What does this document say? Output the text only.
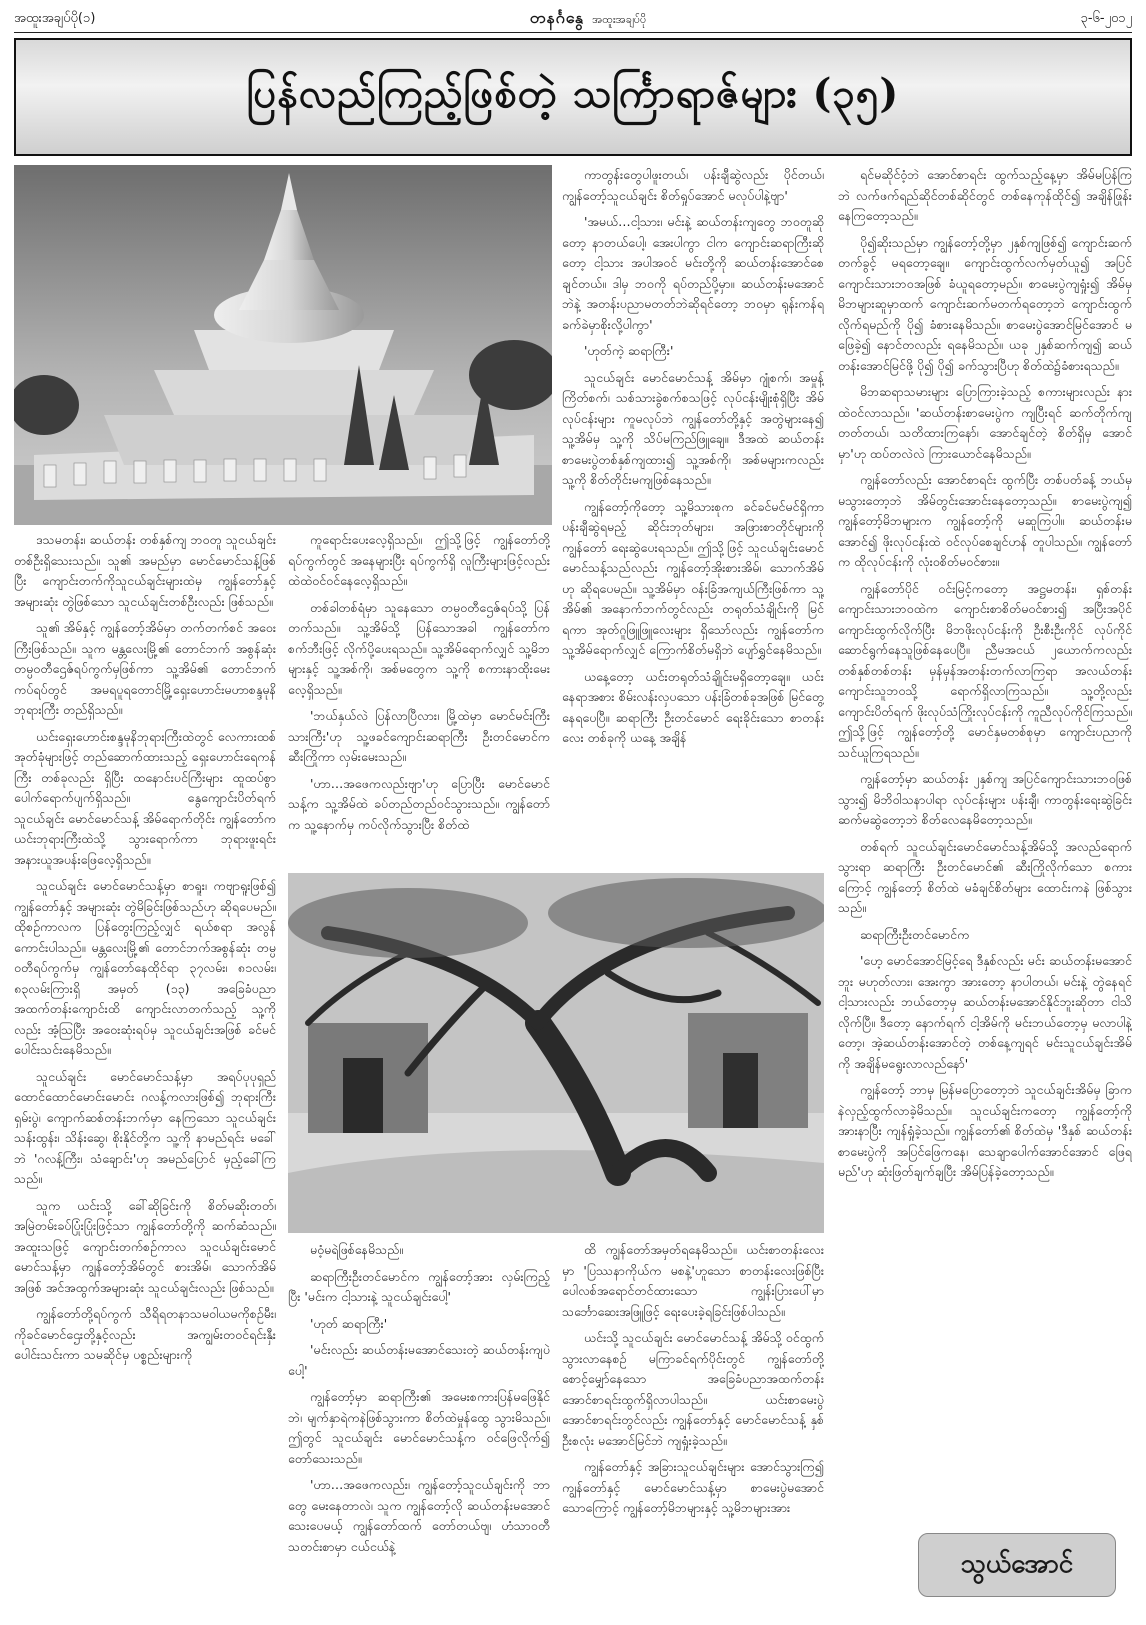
အထူးအချပ်ပို(၁)	တနင်္ဂနွေ အထူးအချပ်ပို	၃-၆-၂၀၁၂
ပြန်လည်ကြည့်ဖြစ်တဲ့ သင်္ကြာရာဇ်များ (၃၅)

ဒသမတန်း၊ ဆယ်တန်း တစ်နှစ်ကျ ဘဝတူ သူငယ်ချင်းတစ်ဦးရှိသေးသည်။ သူ၏ အမည်မှာ မောင်မောင်သန့်ဖြစ်ပြီး ကျောင်းတက်ကိုသူငယ်ချင်းများထဲမှ ကျွန်တော်နှင့် အများဆုံး တွဲဖြစ်သော သူငယ်ချင်းတစ်ဦးလည်း ဖြစ်သည်။

သူ၏ အိမ်နှင့် ကျွန်တော့်အိမ်မှာ တက်တက်စင် အဝေးကြီးဖြစ်သည်။ သူက မန္တလေးမြို့၏ တောင်ဘက် အစွန်ဆုံး တမ္ပဝတီဌေဇ်ရပ်ကွက်မှဖြစ်ကာ သူ့အိမ်၏ တောင်ဘက်ကပ်ရပ်တွင် အမရပူရတောင်မြို့ရှေးဟောင်းမဟာစန္ဒမုနိဘုရားကြီး တည်ရှိသည်။

ယင်းရှေးဟောင်းစန္ဒမုနိဘုရားကြီးထဲတွင် လေကားထစ်အုတ်ခုံများဖြင့် တည်ဆောက်ထားသည့် ရှေးဟောင်းရေကန်ကြီး တစ်ခုလည်း ရှိပြီး ထနောင်းပင်ကြီးများ ထူထပ်စွာပေါက်ရောက်ပျက်ရှိသည်။ နွေကျောင်းပိတ်ရက် သူငယ်ချင်း မောင်မောင်သန့် အိမ်ရောက်တိုင်း ကျွန်တော်က ယင်းဘုရားကြီးထဲသို့ သွားရောက်ကာ ဘုရားဖူးရင်း အနားယူအပန်းဖြေလေ့ရှိသည်။

သူငယ်ချင်း မောင်မောင်သန့်မှာ စာရူး၊ ကဗျာရူးဖြစ်၍ ကျွန်တော်နှင့် အများဆုံး တွဲမိခြင်းဖြစ်သည်ဟု ဆိုရပေမည်။ ထိုစဉ်ကာလက ပြန်တွေးကြည့်လျှင် ရယ်စရာ အလွန်ကောင်းပါသည်။ မန္တလေးမြို့၏ တောင်ဘက်အစွန်ဆုံး တမ္ပဝတီရပ်ကွက်မှ ကျွန်တော်နေထိုင်ရာ ၃၇လမ်း၊ ၈၁လမ်း၊ ၈၃လမ်းကြားရှိ အမှတ် (၁၃) အခြေခံပညာအထက်တန်းကျောင်းထိ ကျောင်းလာတက်သည့် သူ့ကိုလည်း အံ့သြပြီး အဝေးဆုံးရပ်မှ သူငယ်ချင်းအဖြစ် ခင်မင်ပေါင်းသင်းနေမိသည်။

သူငယ်ချင်း မောင်မောင်သန့်မှာ အရပ်ပုပုရှည်ထောင်ထောင်မောင်းမောင်း ဂလန့်ကလားဖြစ်၍ ဘုရားကြီးရှမ်းပွဲ၊ ကျောက်ဆစ်တန်းဘက်မှာ နေကြသော သူငယ်ချင်း သန်းထွန်း၊ သိန်းဆွေ၊ စိုးနိုင်တို့က သူ့ကို နာမည်ရင်း မခေါ်ဘဲ 'ဂလန့်ကြီး၊ သံချောင်း'ဟု အမည်ပြောင် မှည့်ခေါ်ကြသည်။

သူက ယင်းသို့ ခေါ်ဆိုခြင်းကို စိတ်မဆိုးတတ်၊ အမြဲတမ်းခပ်ပြုံးပြုံးဖြင့်သာ ကျွန်တော်တို့ကို ဆက်ဆံသည်။ အထူးသဖြင့် ကျောင်းတက်စဉ်ကာလ သူငယ်ချင်းမောင်မောင်သန့်မှာ ကျွန်တော့်အိမ်တွင် စားအိမ်၊ သောက်အိမ်အဖြစ် အင်အထွက်အများဆုံး သူငယ်ချင်းလည်း ဖြစ်သည်။

ကျွန်တော်တို့ရပ်ကွက် သီရိရတနာသမဝါယမကိုစဉ်မီး၊ ကိုခင်မောင်ဌေးတို့နှင့်လည်း အကျွမ်းတဝင်ရင်းနှီးပေါင်းသင်းကာ သမဆိုင်မှ ပစ္စည်းများကို

ကူရောင်းပေးလေ့ရှိသည်။ ဤသို့ဖြင့် ကျွန်တော်တို့ ရပ်ကွက်တွင် အနေများပြီး ရပ်ကွက်ရှိ လူကြီးများဖြင့်လည်း ထဲထဲဝင်ဝင်နေလေ့ရှိသည်။

တစ်ခါတစ်ရံမှာ သူနေသော တမ္ပဝတီဌေဇ်ရပ်သို့ ပြန်တက်သည်။ သူ့အိမ်သို့ ပြန်သောအခါ ကျွန်တော်က စက်ဘီးဖြင့် လိုက်ပို့ပေးရသည်။ သူ့အိမ်ရောက်လျှင် သူ့မိဘများနှင့် သူ့အစ်ကို၊ အစ်မတွေက သူ့ကို စကားနာထိုးမေးလေ့ရှိသည်။

'ဘယ်နှယ်လဲ ပြန်လာပြီလား၊ မြို့ထဲမှာ မောင်မင်းကြီးသားကြီး'ဟု သူ့ဖခင်ကျောင်းဆရာကြီး ဦးတင်မောင်က ဆီးကြိုကာ လှမ်းမေးသည်။

'ဟာ…အဖေကလည်းဗျာ'ဟု ပြောပြီး မောင်မောင်သန့်က သူ့အိမ်ထဲ ခပ်တည်တည်ဝင်သွားသည်။ ကျွန်တော်က သူ့နောက်မှ ကပ်လိုက်သွားပြီး စိတ်ထဲ

မဝံ့မရဲဖြစ်နေမိသည်။

ဆရာကြီးဦးတင်မောင်က ကျွန်တော့်အား လှမ်းကြည့်ပြီး 'မင်းက ငါ့သားနဲ့ သူငယ်ချင်းပေါ့'

'ဟုတ် ဆရာကြီး'

'မင်းလည်း ဆယ်တန်းမအောင်သေးတဲ့ ဆယ်တန်းကျပဲပေါ့'

ကျွန်တော့်မှာ ဆရာကြီး၏ အမေးစကားပြန်မဖြေနိုင်ဘဲ၊ မျက်နှာရဲကနဲဖြစ်သွားကာ စိတ်ထဲမှုန်ထွေ သွားမိသည်။ ဤတွင် သူငယ်ချင်း မောင်မောင်သန့်က ဝင်ဖြေလိုက်၍ တော်သေးသည်။

'ဟာ…အဖေကလည်း၊ ကျွန်တော့်သူငယ်ချင်းကို ဘာတွေ မေးနေတာလဲ၊ သူက ကျွန်တော့်လို ဆယ်တန်းမအောင်သေးပေမယ့် ကျွန်တော်ထက် တော်တယ်ဗျ၊ ဟံသာဝတီသတင်းစာမှာ ငယ်ငယ်နဲ့

ကာတွန်းတွေပါဖူးတယ်၊ ပန်းချီဆွဲလည်း ပိုင်တယ်၊ ကျွန်တော့်သူငယ်ချင်း စိတ်ရှုပ်အောင် မလုပ်ပါနဲ့ဗျာ'

'အမယ်…ငါ့သား၊ မင်းနဲ့ ဆယ်တန်းကျတွေ ဘဝတူဆိုတော့ နာတယ်ပေါ့၊ အေးပါကွာ ငါက ကျောင်းဆရာကြီးဆိုတော့ ငါ့သား အပါအဝင် မင်းတို့ကို ဆယ်တန်းအောင်စေချင်တယ်။ ဒါမှ ဘဝကို ရပ်တည်ပို့မှာ။ ဆယ်တန်းမအောင်ဘဲနဲ့ အတန်းပညာမတတ်ဘဲဆိုရင်တော့ ဘဝမှာ ရုန်းကန်ရခက်ခဲမှာစိုးလို့ပါကွာ'

'ဟုတ်ကဲ့ ဆရာကြီး'

သူငယ်ချင်း မောင်မောင်သန့် အိမ်မှာ ဂျုံစက်၊ အမှုန့်ကြိတ်စက်၊ သစ်သားခွဲစက်စသဖြင့် လုပ်ငန်းမျိုးစုံရှိပြီး အိမ်လုပ်ငန်းများ ကူမလုပ်ဘဲ ကျွန်တော်တို့နှင့် အတွဲများနေ၍ သူ့အိမ်မှ သူ့ကို သိပ်မကြည်ဖြူချေ။ ဒီအထဲ ဆယ်တန်းစာမေးပွဲတစ်နှစ်ကျထား၍ သူ့အစ်ကို၊ အစ်မများကလည်း သူ့ကို စိတ်တိုင်းမကျဖြစ်နေသည်။

ကျွန်တော့်ကိုတော့ သူ့မိသားစုက ခင်ခင်မင်မင်ရှိကာ ပန်းချီဆွဲရမည့် ဆိုင်းဘုတ်များ၊ အဖြားစာတိုင်များကို ကျွန်တော် ရေးဆွဲပေးရသည်။ ဤသို့ဖြင့် သူငယ်ချင်းမောင်မောင်သန့်သည်လည်း ကျွန်တော့်အိုးစားအိမ်၊ သောက်အိမ်ဟု ဆိုရပေမည်။ သူ့အိမ်မှာ ဝန်းခြံအကျယ်ကြီးဖြစ်ကာ သူ့အိမ်၏ အနောက်ဘက်တွင်လည်း တရုတ်သံချိုင်းကို မြင်ရကာ အုတ်ဂူဖြူဖြူလေးများ ရှိသော်လည်း ကျွန်တော်က သူ့အိမ်ရောက်လျှင် ကြောက်စိတ်မရှိဘဲ ပျော်ရွှင်နေမိသည်။

ယနေ့တော့ ယင်းတရုတ်သံချိုင်းမရှိတော့ချေ။ ယင်းနေရာအစား စိမ်းလန်းလှပသော ပန်းခြံတစ်ခုအဖြစ် မြင်တွေ့နေရပေပြီ။ ဆရာကြီး ဦးတင်မောင် ရေးခိုင်းသော စာတန်းလေး တစ်ခုကို ယနေ့ အချိန်

ထိ ကျွန်တော်အမှတ်ရနေမိသည်။ ယင်းစာတန်းလေးမှာ 'ပြဿနာကိုယ်က မစနဲ့'ဟူသော စာတန်းလေးဖြစ်ပြီး ပေါလစ်အရောင်တင်ထားသော ကျွန်းပြားပေါ်မှာ သင်္ဘောဆေးအဖြူဖြင့် ရေးပေးခဲ့ရခြင်းဖြစ်ပါသည်။

ယင်းသို့ သူငယ်ချင်း မောင်မောင်သန့် အိမ်သို့ ဝင်ထွက်သွားလာနေစဉ် မကြာခင်ရက်ပိုင်းတွင် ကျွန်တော်တို့ စောင့်မျှော်နေသော အခြေခံပညာအထက်တန်းအောင်စာရင်းထွက်ရှိလာပါသည်။ ယင်းစာမေးပွဲအောင်စာရင်းတွင်လည်း ကျွန်တော်နှင့် မောင်မောင်သန့် နှစ်ဦးစလုံး မအောင်မြင်ဘဲ ကျရှုံးခဲ့သည်။

ကျွန်တော်နှင့် အခြားသူငယ်ချင်းများ အောင်သွားကြ၍ ကျွန်တော်နှင့် မောင်မောင်သန့်မှာ စာမေးပွဲမအောင်သောကြောင့် ကျွန်တော့်မိဘများနှင့် သူ့မိဘများအား

ရင်မဆိုင်ဝံ့ဘဲ အောင်စာရင်း ထွက်သည့်နေ့မှာ အိမ်မပြန်ကြဘဲ လက်ဖက်ရည်ဆိုင်တစ်ဆိုင်တွင် တစ်နေကုန်ထိုင်၍ အချိန်ဖြုန်းနေကြတော့သည်။

ပို၍ဆိုးသည်မှာ ကျွန်တော့်တို့မှာ ၂နှစ်ကျဖြစ်၍ ကျောင်းဆက်တက်ခွင့် မရတော့ချေ။ ကျောင်းထွက်လက်မှတ်ယူ၍ အပြင်ကျောင်းသားဘဝအဖြစ် ခံယူရတော့မည်။ စာမေးပွဲကျရှုံး၍ အိမ်မှ မိဘများဆူမှာထက် ကျောင်းဆက်မတက်ရတော့ဘဲ ကျောင်းထွက်လိုက်ရမည်ကို ပို၍ ခံစားနေမိသည်။ စာမေးပွဲအောင်မြင်အောင် မဖြေခဲ့၍ နောင်တလည်း ရနေမိသည်။ ယခု ၂နှစ်ဆက်ကျ၍ ဆယ်တန်းအောင်မြင်ဖို့ ပို၍ ပို၍ ခက်သွားပြီဟု စိတ်ထဲ၌ခံစားရသည်။

မိဘဆရာသမားများ ပြောကြားခဲ့သည့် စကားများလည်း နားထဲဝင်လာသည်။ 'ဆယ်တန်းစာမေးပွဲက ကျပြီးရင် ဆက်တိုက်ကျတတ်တယ်၊ သတိထားကြနော်၊ အောင်ချင်တဲ့ စိတ်ရှိမှ အောင်မှာ'ဟု ထပ်တလဲလဲ ကြားယောင်နေမိသည်။

ကျွန်တော်လည်း အောင်စာရင်း ထွက်ပြီး တစ်ပတ်ခန့် ဘယ်မှ မသွားတော့ဘဲ အိမ်တွင်းအောင်းနေတော့သည်။ စာမေးပွဲကျ၍ ကျွန်တော့်မိဘများက ကျွန်တော့်ကို မဆူကြပါ။ ဆယ်တန်းမအောင်၍ ဖိုးလုပ်ငန်းထဲ ဝင်လုပ်စေချင်ဟန် တူပါသည်။ ကျွန်တော်က ထိုလုပ်ငန်းကို လုံးဝစိတ်မဝင်စား။

ကျွန်တော်ပိုင် ဝင်းမြင့်ကတော့ အဋ္ဌမတန်း၊ ရှစ်တန်းကျောင်းသားဘဝထဲက ကျောင်းစာစိတ်မဝင်စား၍ အပြီးအပိုင် ကျောင်းထွက်လိုက်ပြီး မိဘဖိုးလုပ်ငန်းကို ဦးစီးဦးကိုင် လုပ်ကိုင်ဆောင်ရွက်နေသူဖြစ်နေပေပြီ။ ညီမအငယ် ၂ယောက်ကလည်း တစ်နှစ်တစ်တန်း မှန်မှန်အတန်းတက်လာကြရာ အလယ်တန်းကျောင်းသူဘဝသို့ ရောက်ရှိလာကြသည်။ သူ့တို့လည်း ကျောင်းပိတ်ရက် ဖိုးလုပ်သံကြိုးလုပ်ငန်းကို ကူညီလုပ်ကိုင်ကြသည်။ ဤသို့ဖြင့် ကျွန်တော့်တို့ မောင်နှမတစ်စုမှာ ကျောင်းပညာကို သင်ယူကြရသည်။

ကျွန်တော့်မှာ ဆယ်တန်း ၂နှစ်ကျ အပြင်ကျောင်းသားဘဝဖြစ်သွား၍ မိဘိဝါသနာပါရာ လုပ်ငန်းများ ပန်းချီ၊ ကာတွန်းရေးဆွဲခြင်း ဆက်မဆွဲတော့ဘဲ စိတ်လေနေမိတော့သည်။

တစ်ရက် သူငယ်ချင်းမောင်မောင်သန့်အိမ်သို့ အလည်ရောက်သွားရာ ဆရာကြီး ဦးတင်မောင်၏ ဆီးကြိုလိုက်သော စကားကြောင့် ကျွန်တော့် စိတ်ထဲ မခံချင်စိတ်များ ထောင်းကနဲ ဖြစ်သွားသည်။

ဆရာကြီးဦးတင်မောင်က

'ဟေ့ မောင်အောင်မြင့်ရေ ဒီနှစ်လည်း မင်း ဆယ်တန်းမအောင်ဘူး မဟုတ်လား၊ အေးကွာ အားတော့ နာပါတယ်၊ မင်းနဲ့ တွဲနေရင် ငါ့သားလည်း ဘယ်တော့မှ ဆယ်တန်းမအောင်နိုင်ဘူးဆိုတာ ငါသိလိုက်ပြီ။ ဒီတော့ နောက်ရက် ငါ့အိမ်ကို မင်းဘယ်တော့မှ မလာပါနဲ့တော့၊ အဲ့ဆယ်တန်းအောင်တဲ့ တစ်နေ့ကျရင် မင်းသူငယ်ချင်းအိမ်ကို အချိန်မရွေးလာလည်နော်'

ကျွန်တော့် ဘာမှ မြန်မပြောတော့ဘဲ သူငယ်ချင်းအိမ်မှ ခြာကနဲလှည့်ထွက်လာခဲ့မိသည်။ သူငယ်ချင်းကတော့ ကျွန်တော့်ကိုအားနာပြီး ကျန်ရှုံခဲ့သည်။ ကျွန်တော်၏ စိတ်ထဲမှ 'ဒီနှစ် ဆယ်တန်းစာမေးပွဲကို အပြင်ဖြေကနေ၊ သေချာပေါက်အောင်အောင် ဖြေရမည်'ဟု ဆုံးဖြတ်ချက်ချပြီး အိမ်ပြန်ခဲ့တော့သည်။

သွယ်အောင်
